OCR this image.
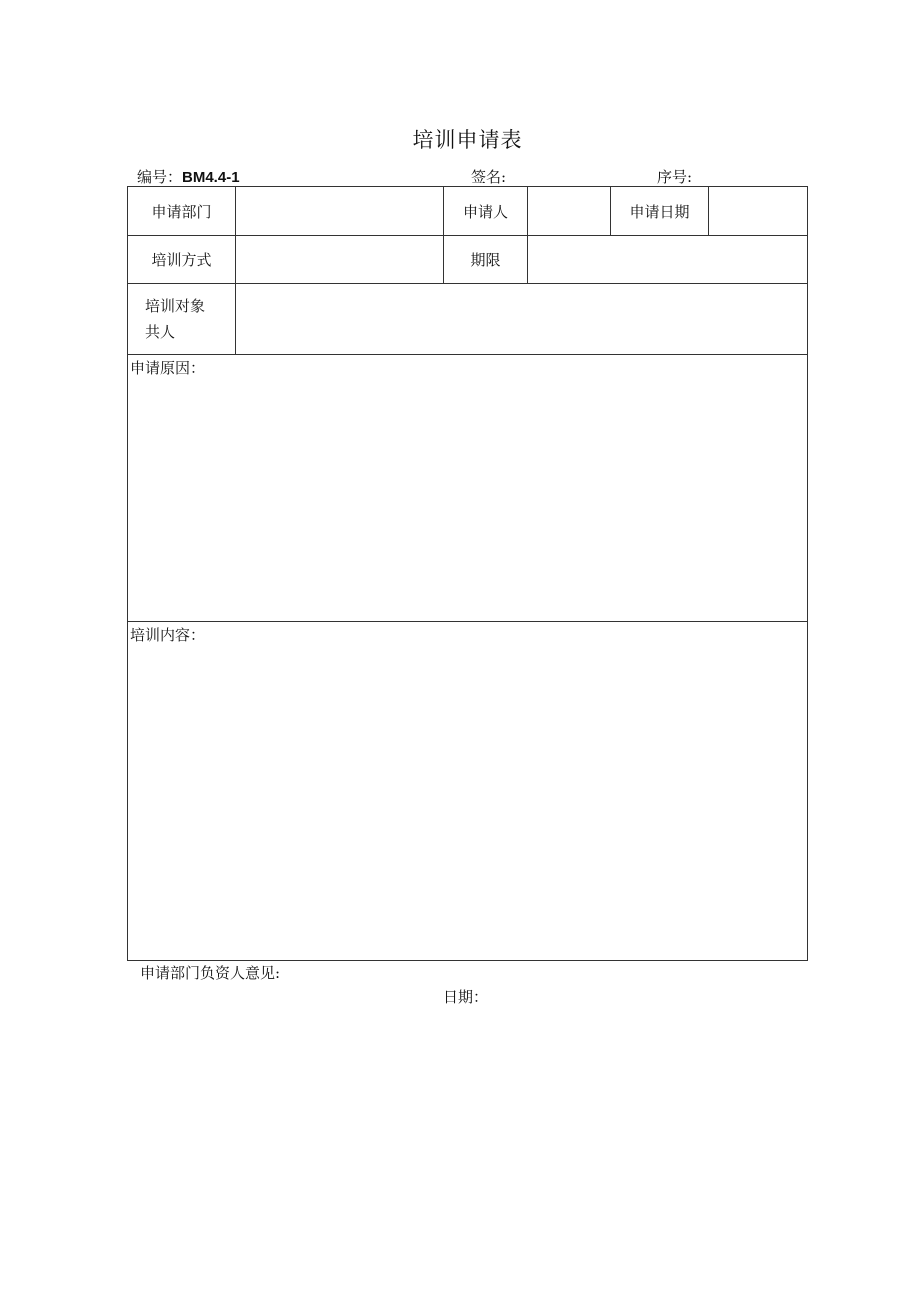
培训申请表
编号：BM4.4-1	签名:	序号:
申请部门		申请人		申请日期	

培训方式		期限			

培训对象
共人					

申请原因：					
培训内容：					
申请部门负资人意见:
日期：
